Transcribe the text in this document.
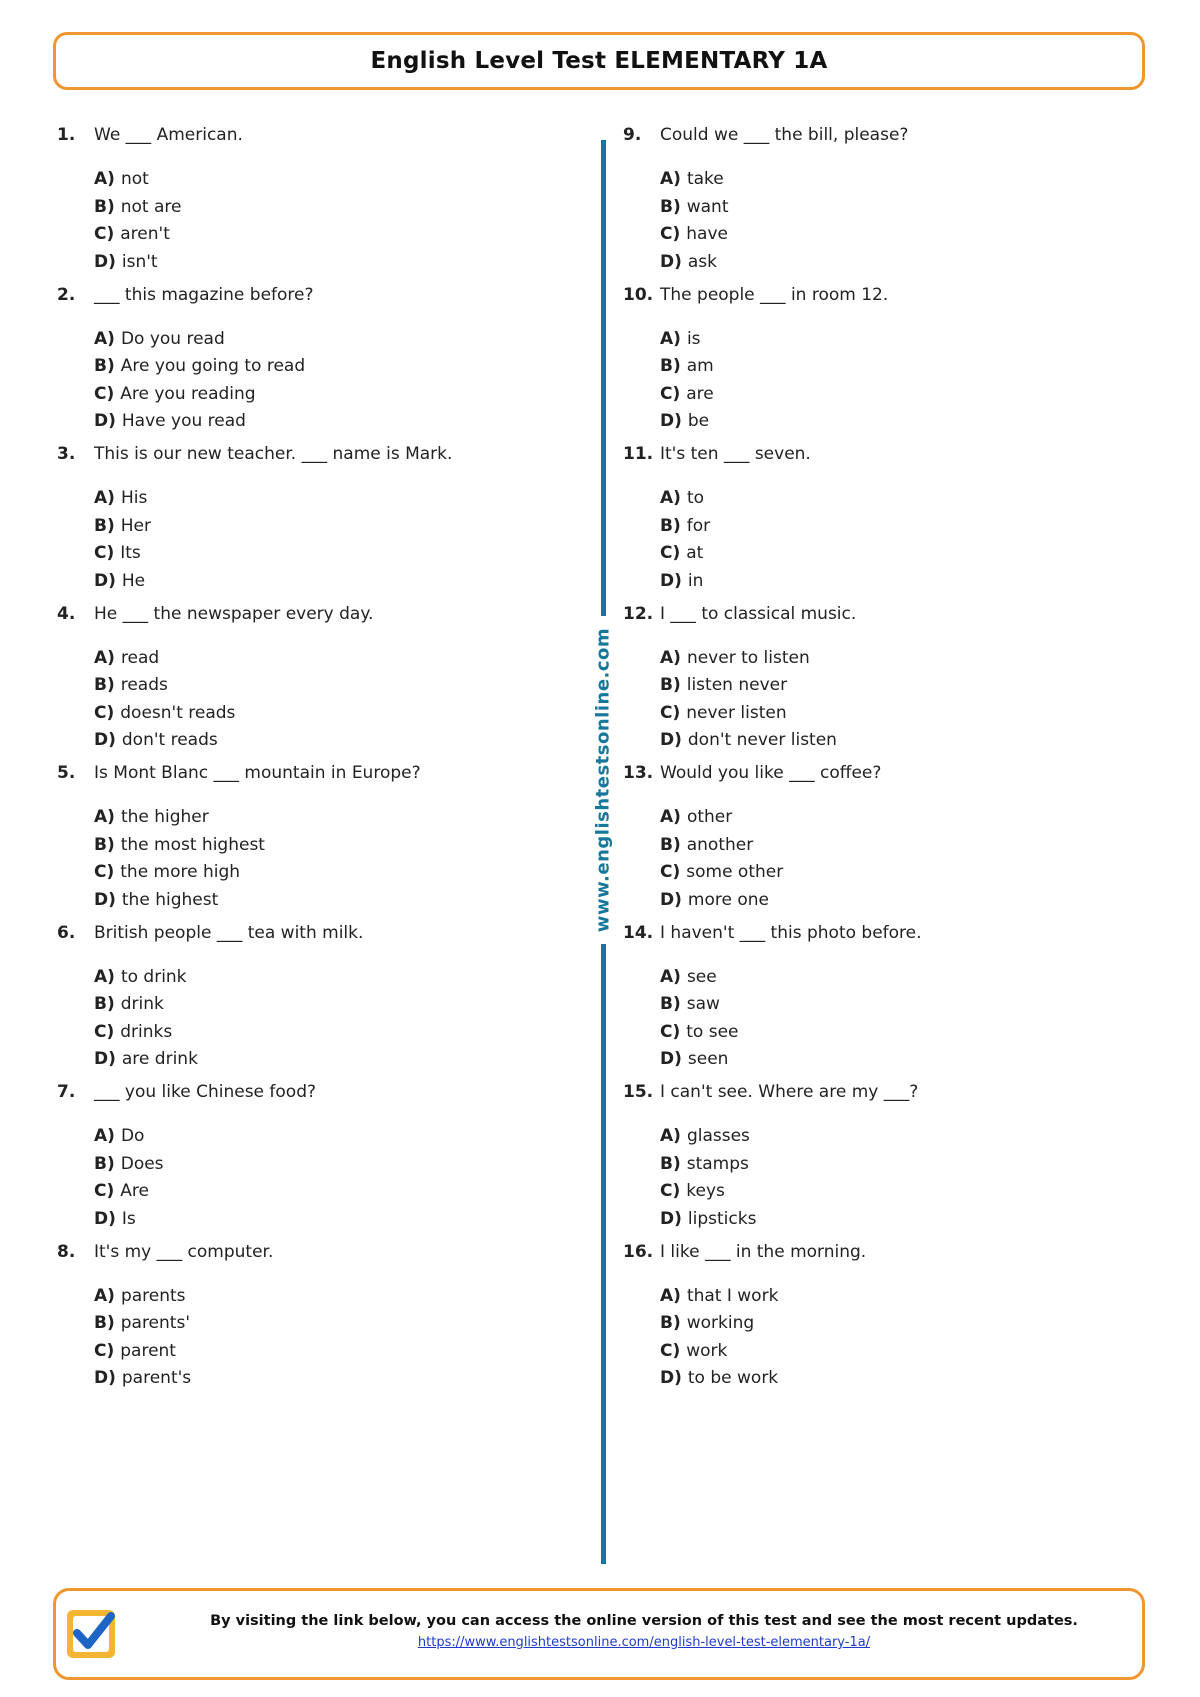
English Level Test ELEMENTARY 1A
1.	We ___ American.
A) not
B) not are
C) aren't
D) isn't
2.	___ this magazine before?
A) Do you read
B) Are you going to read
C) Are you reading
D) Have you read
3.	This is our new teacher. ___ name is Mark.
A) His
B) Her
C) Its
D) He
4.	He ___ the newspaper every day.
A) read
B) reads
C) doesn't reads
D) don't reads
5.	Is Mont Blanc ___ mountain in Europe?
A) the higher
B) the most highest
C) the more high
D) the highest
6.	British people ___ tea with milk.
A) to drink
B) drink
C) drinks
D) are drink
7.	___ you like Chinese food?
A) Do
B) Does
C) Are
D) Is
8.	It's my ___ computer.
A) parents
B) parents'
C) parent
D) parent's
9.	Could we ___ the bill, please?
A) take
B) want
C) have
D) ask
10. The people ___ in room 12.
A) is
B) am
C) are
D) be
11. It's ten ___ seven.
A) to
B) for
C) at
D) in
12. I ___ to classical music.
A) never to listen
B) listen never
C) never listen
D) don't never listen
13. Would you like ___ coffee?
A) other
B) another
C) some other
D) more one
14. I haven't ___ this photo before.
A) see
B) saw
C) to see
D) seen
15. I can't see. Where are my ___?
A) glasses
B) stamps
C) keys
D) lipsticks
16. I like ___ in the morning.
A) that I work
B) working
C) work
D) to be work
www.englishtestsonline.com
By visiting the link below, you can access the online version of this test and see the most recent updates.
https://www.englishtestsonline.com/english-level-test-elementary-1a/
